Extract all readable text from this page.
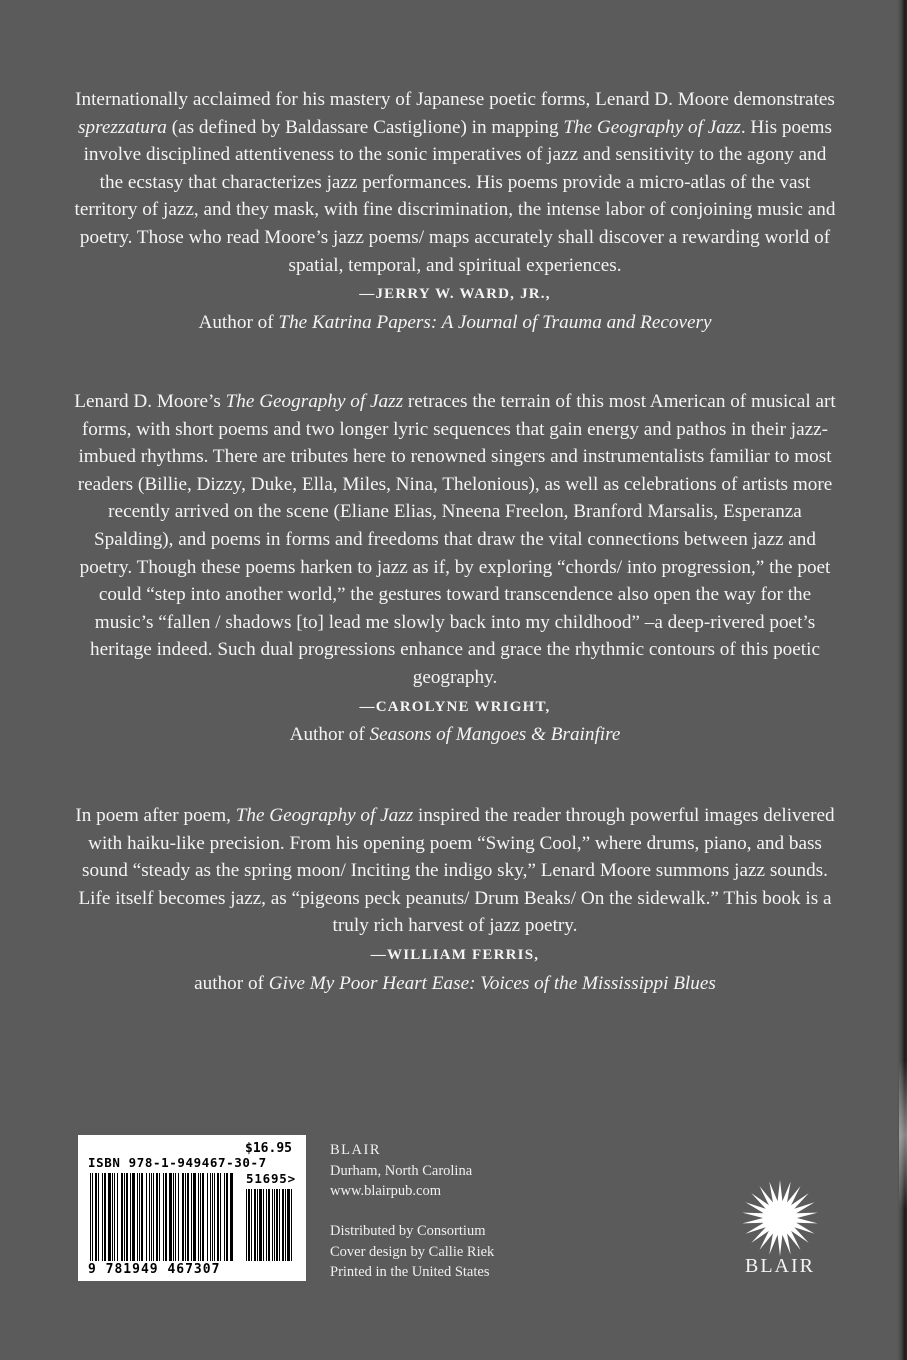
Internationally acclaimed for his mastery of Japanese poetic forms, Lenard D. Moore demonstrates sprezzatura (as defined by Baldassare Castiglione) in mapping The Geography of Jazz. His poems involve disciplined attentiveness to the sonic imperatives of jazz and sensitivity to the agony and the ecstasy that characterizes jazz performances. His poems provide a micro-atlas of the vast territory of jazz, and they mask, with fine discrimination, the intense labor of conjoining music and poetry. Those who read Moore’s jazz poems/ maps accurately shall discover a rewarding world of spatial, temporal, and spiritual experiences.

—JERRY W. WARD, JR.,
Author of The Katrina Papers: A Journal of Trauma and Recovery

Lenard D. Moore’s The Geography of Jazz retraces the terrain of this most American of musical art forms, with short poems and two longer lyric sequences that gain energy and pathos in their jazz-imbued rhythms. There are tributes here to renowned singers and instrumentalists familiar to most readers (Billie, Dizzy, Duke, Ella, Miles, Nina, Thelonious), as well as celebrations of artists more recently arrived on the scene (Eliane Elias, Nneena Freelon, Branford Marsalis, Esperanza Spalding), and poems in forms and freedoms that draw the vital connections between jazz and poetry. Though these poems harken to jazz as if, by exploring “chords/ into progression,” the poet could “step into another world,” the gestures toward transcendence also open the way for the music’s “fallen / shadows [to] lead me slowly back into my childhood” –a deep-rivered poet’s heritage indeed. Such dual progressions enhance and grace the rhythmic contours of this poetic geography.

—CAROLYNE WRIGHT,
Author of Seasons of Mangoes & Brainfire

In poem after poem, The Geography of Jazz inspired the reader through powerful images delivered with haiku-like precision. From his opening poem “Swing Cool,” where drums, piano, and bass sound “steady as the spring moon/ Inciting the indigo sky,” Lenard Moore summons jazz sounds. Life itself becomes jazz, as “pigeons peck peanuts/ Drum Beaks/ On the sidewalk.” This book is a truly rich harvest of jazz poetry.

—WILLIAM FERRIS,
author of Give My Poor Heart Ease: Voices of the Mississippi Blues
$16.95
ISBN 978-1-949467-30-7
51695>
9 781949 467307
BLAIR
Durham, North Carolina
www.blairpub.com
Distributed by Consortium
Cover design by Callie Riek
Printed in the United States	BLAIR
